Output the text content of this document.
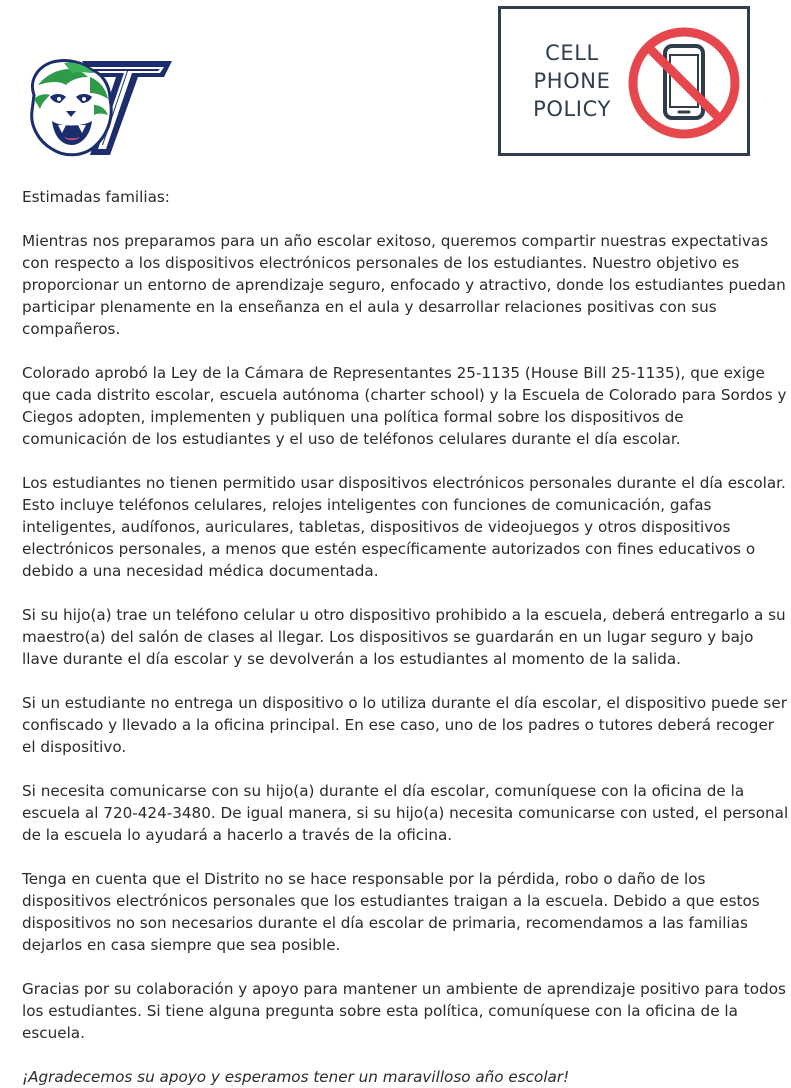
CELL
PHONE
POLICY

Estimadas familias:

Mientras nos preparamos para un año escolar exitoso, queremos compartir nuestras expectativas con respecto a los dispositivos electrónicos personales de los estudiantes. Nuestro objetivo es proporcionar un entorno de aprendizaje seguro, enfocado y atractivo, donde los estudiantes puedan participar plenamente en la enseñanza en el aula y desarrollar relaciones positivas con sus compañeros.

Colorado aprobó la Ley de la Cámara de Representantes 25-1135 (House Bill 25-1135), que exige que cada distrito escolar, escuela autónoma (charter school) y la Escuela de Colorado para Sordos y Ciegos adopten, implementen y publiquen una política formal sobre los dispositivos de comunicación de los estudiantes y el uso de teléfonos celulares durante el día escolar.

Los estudiantes no tienen permitido usar dispositivos electrónicos personales durante el día escolar. Esto incluye teléfonos celulares, relojes inteligentes con funciones de comunicación, gafas inteligentes, audífonos, auriculares, tabletas, dispositivos de videojuegos y otros dispositivos electrónicos personales, a menos que estén específicamente autorizados con fines educativos o debido a una necesidad médica documentada.

Si su hijo(a) trae un teléfono celular u otro dispositivo prohibido a la escuela, deberá entregarlo a su maestro(a) del salón de clases al llegar. Los dispositivos se guardarán en un lugar seguro y bajo llave durante el día escolar y se devolverán a los estudiantes al momento de la salida.

Si un estudiante no entrega un dispositivo o lo utiliza durante el día escolar, el dispositivo puede ser confiscado y llevado a la oficina principal. En ese caso, uno de los padres o tutores deberá recoger el dispositivo.

Si necesita comunicarse con su hijo(a) durante el día escolar, comuníquese con la oficina de la escuela al 720-424-3480. De igual manera, si su hijo(a) necesita comunicarse con usted, el personal de la escuela lo ayudará a hacerlo a través de la oficina.

Tenga en cuenta que el Distrito no se hace responsable por la pérdida, robo o daño de los dispositivos electrónicos personales que los estudiantes traigan a la escuela. Debido a que estos dispositivos no son necesarios durante el día escolar de primaria, recomendamos a las familias dejarlos en casa siempre que sea posible.

Gracias por su colaboración y apoyo para mantener un ambiente de aprendizaje positivo para todos los estudiantes. Si tiene alguna pregunta sobre esta política, comuníquese con la oficina de la escuela.

¡Agradecemos su apoyo y esperamos tener un maravilloso año escolar!
